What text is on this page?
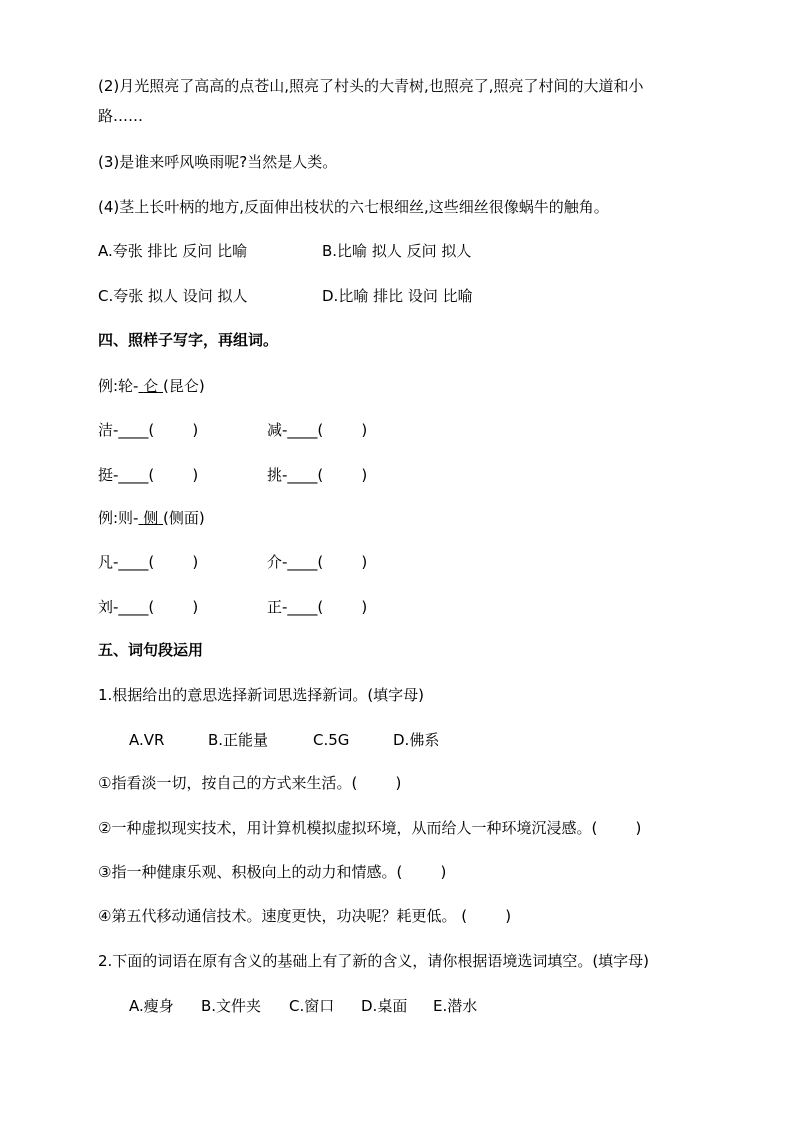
(2)月光照亮了高高的点苍山,照亮了村头的大青树,也照亮了,照亮了村间的大道和小
路……
(3)是谁来呼风唤雨呢?当然是人类。
(4)茎上长叶柄的地方,反面伸出枝状的六七根细丝,这些细丝很像蜗牛的触角。
A.夸张 排比 反问 比喻	B.比喻 拟人 反问 拟人
C.夸张 拟人 设问 拟人	D.比喻 排比 设问 比喻
四、照样子写字，再组词。
例:轮- 仑 (昆仑)
洁-____(        )	减-____(        )
挺-____(        )	挑-____(        )
例:则- 侧 (侧面)
凡-____(        )	介-____(        )
刘-____(        )	正-____(        )
五、词句段运用
1.根据给出的意思选择新词思选择新词。(填字母)
A.VR	B.正能量	C.5G	D.佛系
①指看淡一切，按自己的方式来生活。(        )
②一种虚拟现实技术，用计算机模拟虚拟环境，从而给人一种环境沉浸感。(        )
③指一种健康乐观、积极向上的动力和情感。(        )
④第五代移动通信技术。速度更快，功决呢？耗更低。 (        )
2.下面的词语在原有含义的基础上有了新的含义，请你根据语境选词填空。(填字母)
A.瘦身 B.文件夹 C.窗口 D.桌面 E.潜水
